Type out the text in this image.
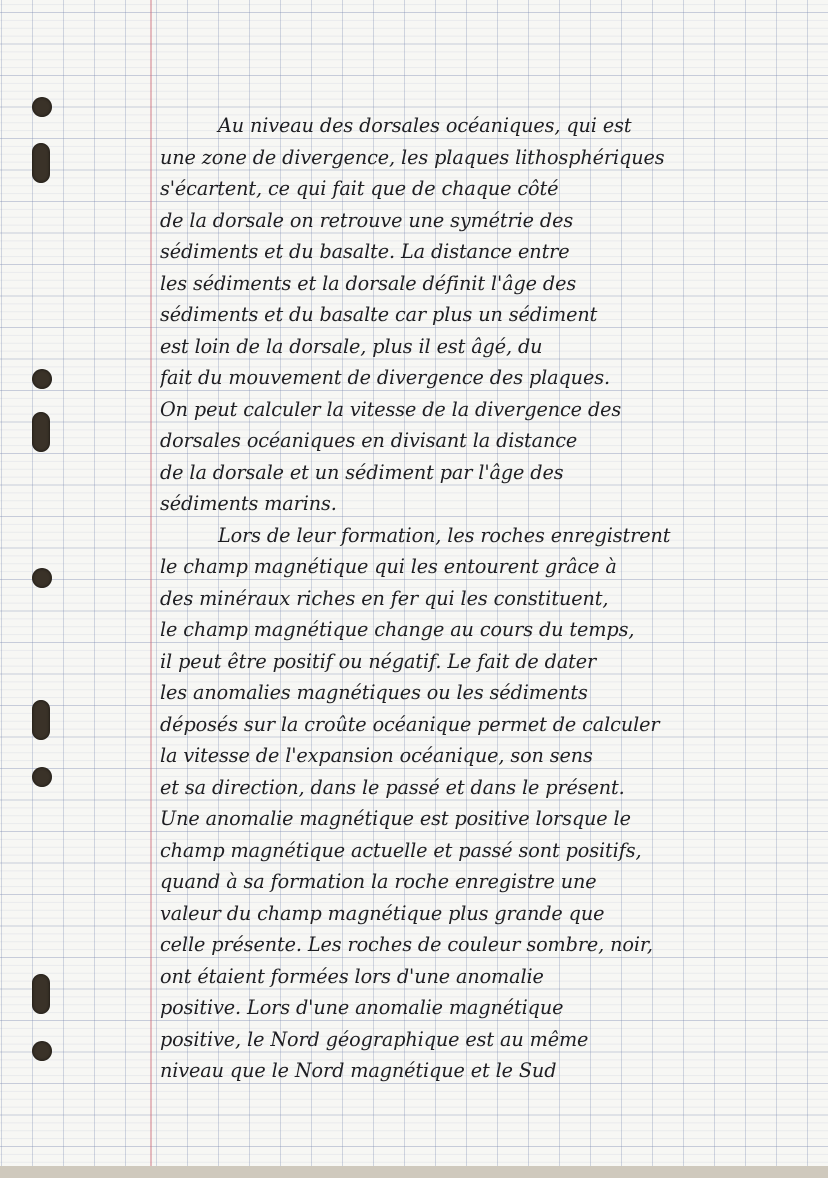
Au niveau des dorsales océaniques, qui est
une zone de divergence, les plaques lithosphériques
s'écartent, ce qui fait que de chaque côté
de la dorsale on retrouve une symétrie des
sédiments et du basalte. La distance entre
les sédiments et la dorsale définit l'âge des
sédiments et du basalte car plus un sédiment
est loin de la dorsale, plus il est âgé, du
fait du mouvement de divergence des plaques.
On peut calculer la vitesse de la divergence des
dorsales océaniques en divisant la distance
de la dorsale et un sédiment par l'âge des
sédiments marins.
Lors de leur formation, les roches enregistrent
le champ magnétique qui les entourent grâce à
des minéraux riches en fer qui les constituent,
le champ magnétique change au cours du temps,
il peut être positif ou négatif. Le fait de dater
les anomalies magnétiques ou les sédiments
déposés sur la croûte océanique permet de calculer
la vitesse de l'expansion océanique, son sens
et sa direction, dans le passé et dans le présent.
Une anomalie magnétique est positive lorsque le
champ magnétique actuelle et passé sont positifs,
quand à sa formation la roche enregistre une
valeur du champ magnétique plus grande que
celle présente. Les roches de couleur sombre, noir,
ont étaient formées lors d'une anomalie
positive. Lors d'une anomalie magnétique
positive, le Nord géographique est au même
niveau que le Nord magnétique et le Sud
